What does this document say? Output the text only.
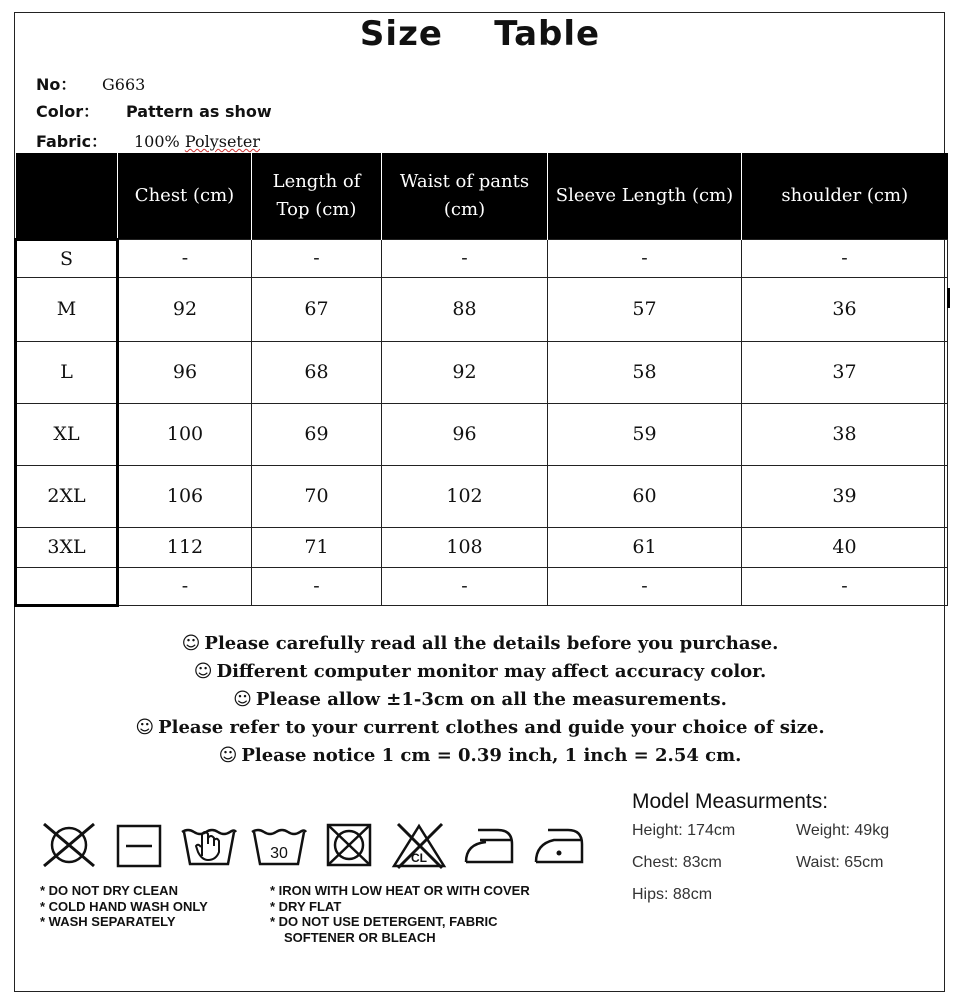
Size    Table
No： G663
Color： Pattern as show
Fabric： 100% Polyseter
	Chest (cm)	Length of Top (cm)	Waist of pants (cm)	Sleeve Length (cm)	shoulder (cm)
S	-	-	-	-	-
M	92	67	88	57	36
L	96	68	92	58	37
XL	100	69	96	59	38
2XL	106	70	102	60	39
3XL	112	71	108	61	40
	-	-	-	-	-
☺ Please carefully read all the details before you purchase.
☺ Different computer monitor may affect accuracy color.
☺ Please allow ±1-3cm on all the measurements.
☺ Please refer to your current clothes and guide your choice of size.
☺ Please notice 1 cm = 0.39 inch, 1 inch = 2.54 cm.
30	CL
* DO NOT DRY CLEAN
* COLD HAND WASH ONLY
* WASH SEPARATELY
* IRON WITH LOW HEAT OR WITH COVER
* DRY FLAT
* DO NOT USE DETERGENT, FABRIC
SOFTENER OR BLEACH
Model Measurments:
Height: 174cm	Weight: 49kg
Chest: 83cm	Waist: 65cm
Hips: 88cm
